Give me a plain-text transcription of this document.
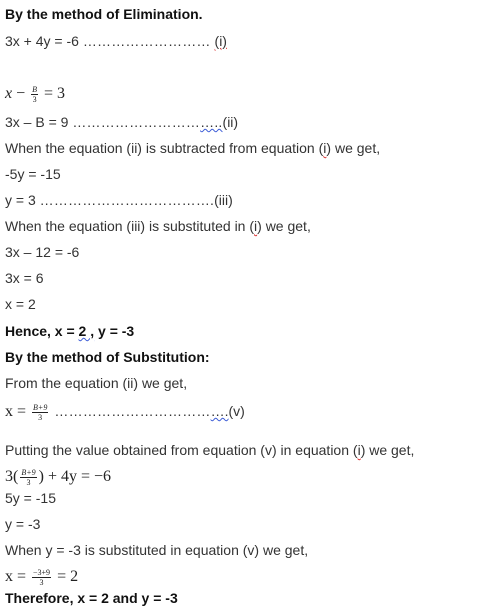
By the method of Elimination.
3x + 4y = -6 ……………………… (i)
$x - \frac{B}{3} = 3$
3x – B = 9 …………………………..(ii)
When the equation (ii) is subtracted from equation (i) we get,
-5y = -15
y = 3 ……………………………….(iii)
When the equation (iii) is substituted in (i) we get,
3x – 12 = -6
3x = 6
x = 2
Hence, x = 2 , y = -3
By the method of Substitution:
From the equation (ii) we get,
$x = \frac{B+9}{3}$ ……………………………….(v)
Putting the value obtained from equation (v) in equation (i) we get,
$3( \frac{B+9}{3}$ ) + 4y = −6
5y = -15
y = -3
When y = -3 is substituted in equation (v) we get,
$x = \frac{-3+9}{3} = 2$
Therefore, x = 2 and y = -3
